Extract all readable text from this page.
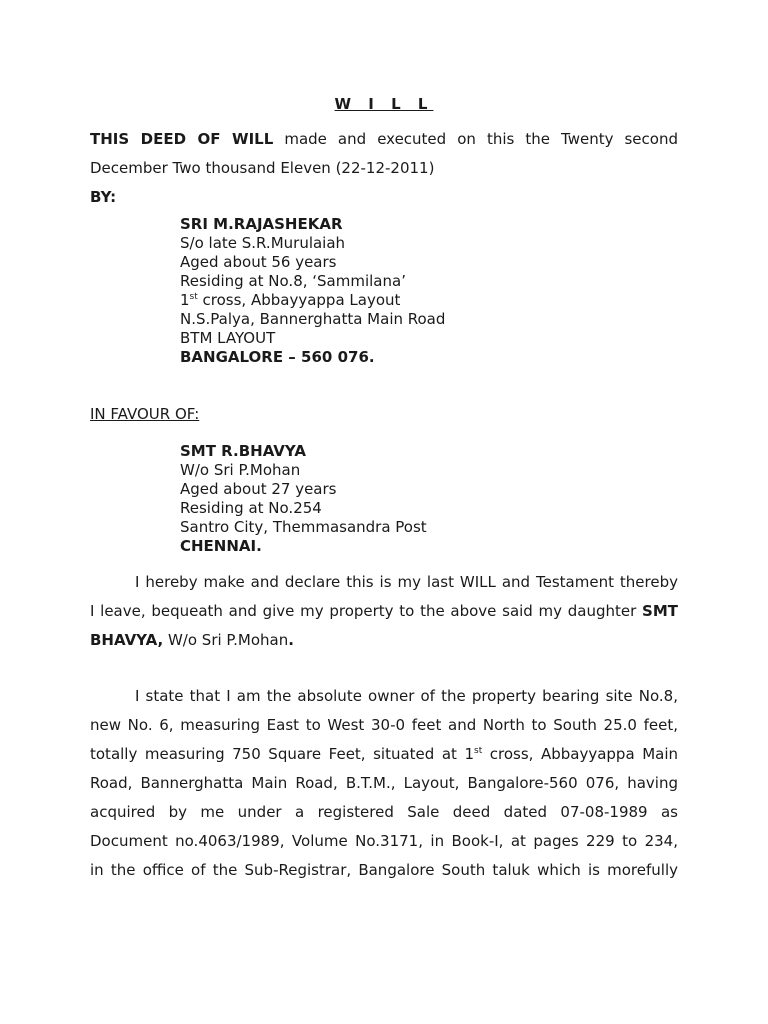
W I L L
THIS DEED OF WILL made and executed on this the Twenty second
December Two thousand Eleven (22-12-2011)
BY:
SRI M.RAJASHEKAR
S/o late S.R.Murulaiah
Aged about 56 years
Residing at No.8, ‘Sammilana’
1st cross, Abbayyappa Layout
N.S.Palya, Bannerghatta Main Road
BTM LAYOUT
BANGALORE – 560 076.
IN FAVOUR OF:
SMT R.BHAVYA
W/o Sri P.Mohan
Aged about 27 years
Residing at No.254
Santro City, Themmasandra Post
CHENNAI.
I hereby make and declare this is my last WILL and Testament thereby
I leave, bequeath and give my property to the above said my daughter SMT
BHAVYA, W/o Sri P.Mohan.
I state that I am the absolute owner of the property bearing site No.8,
new No. 6, measuring East to West 30-0 feet and North to South 25.0 feet,
totally measuring 750 Square Feet, situated at 1st cross, Abbayyappa Main
Road, Bannerghatta Main Road, B.T.M., Layout, Bangalore-560 076, having
acquired by me under a registered Sale deed dated 07-08-1989 as
Document no.4063/1989, Volume No.3171, in Book-I, at pages 229 to 234,
in the office of the Sub-Registrar, Bangalore South taluk which is morefully
